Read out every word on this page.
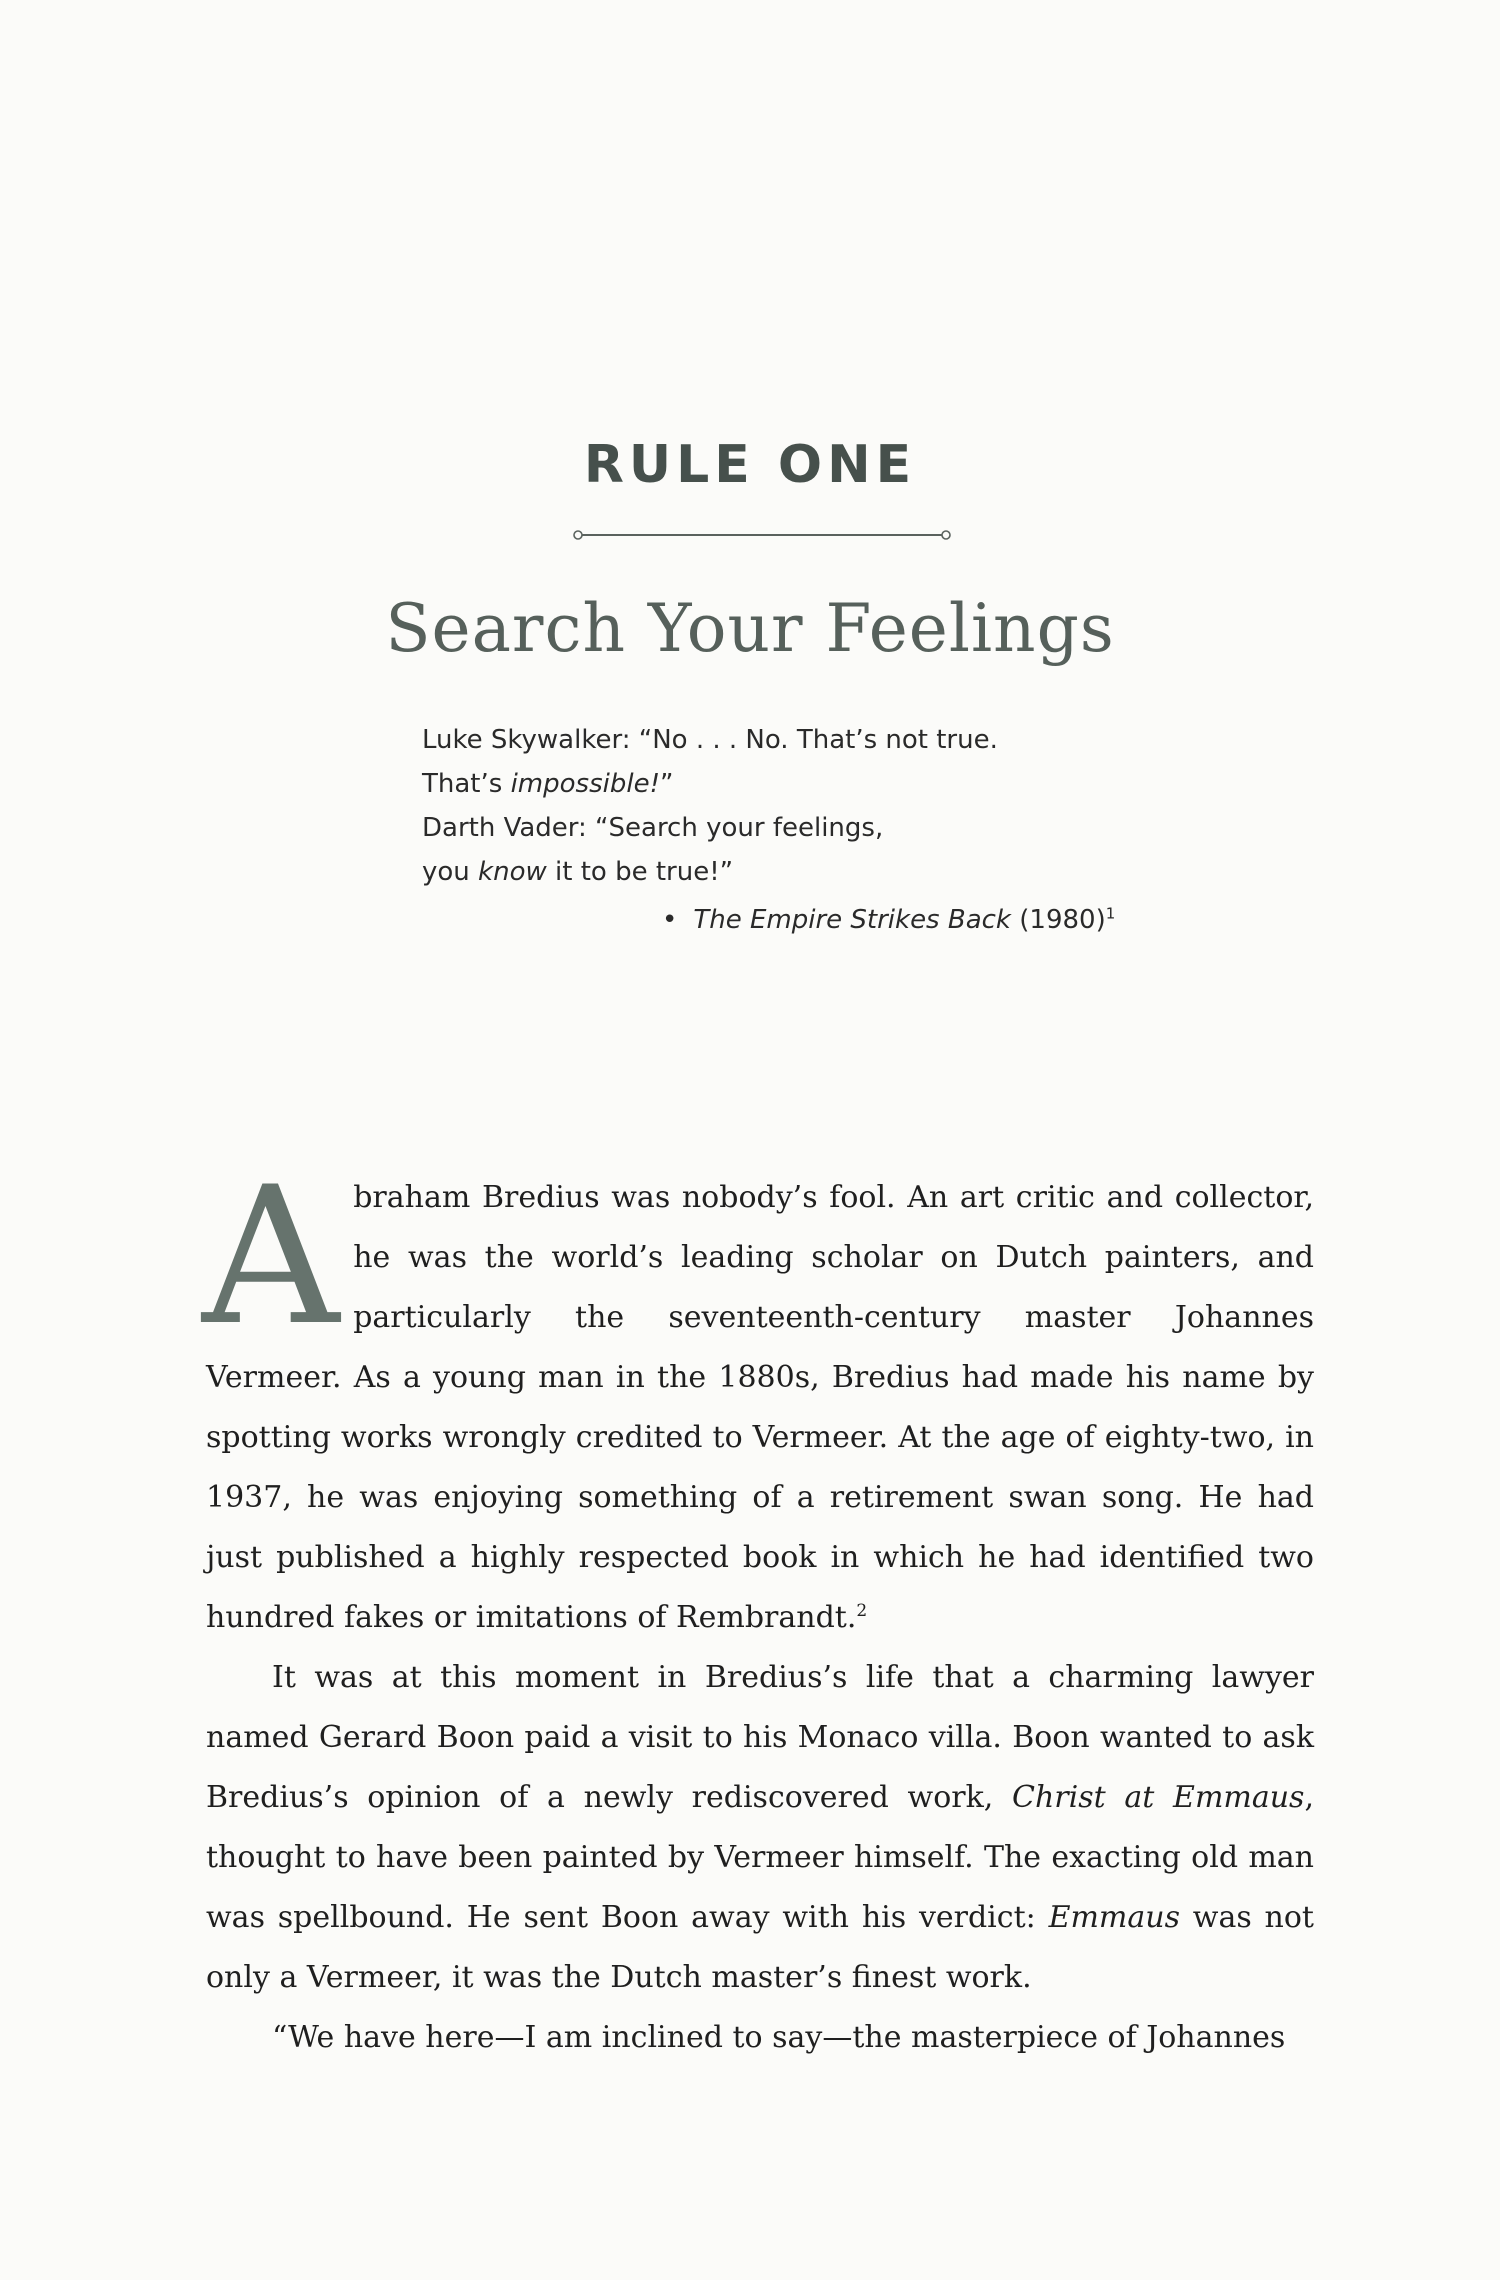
RULE ONE
Search Your Feelings
Luke Skywalker: “No . . . No. That’s not true.
That’s impossible!”
Darth Vader: “Search your feelings,
you know it to be true!”
• The Empire Strikes Back $(1980)^1$

Abraham Bredius was nobody’s fool. An art critic and collector, he was the world’s leading scholar on Dutch painters, and particularly the seventeenth-century master Johannes Vermeer. As a young man in the 1880s, Bredius had made his name by spotting works wrongly credited to Vermeer. At the age of eighty-two, in 1937, he was enjoying something of a retirement swan song. He had just published a highly respected book in which he had identified two hundred fakes or imitations of Rembrandt.$^2$

It was at this moment in Bredius’s life that a charming lawyer named Gerard Boon paid a visit to his Monaco villa. Boon wanted to ask Bredius’s opinion of a newly rediscovered work, Christ at Emmaus, thought to have been painted by Vermeer himself. The exacting old man was spellbound. He sent Boon away with his verdict: Emmaus was not only a Vermeer, it was the Dutch master’s finest work.

“We have here—I am inclined to say—the masterpiece of Johannes
